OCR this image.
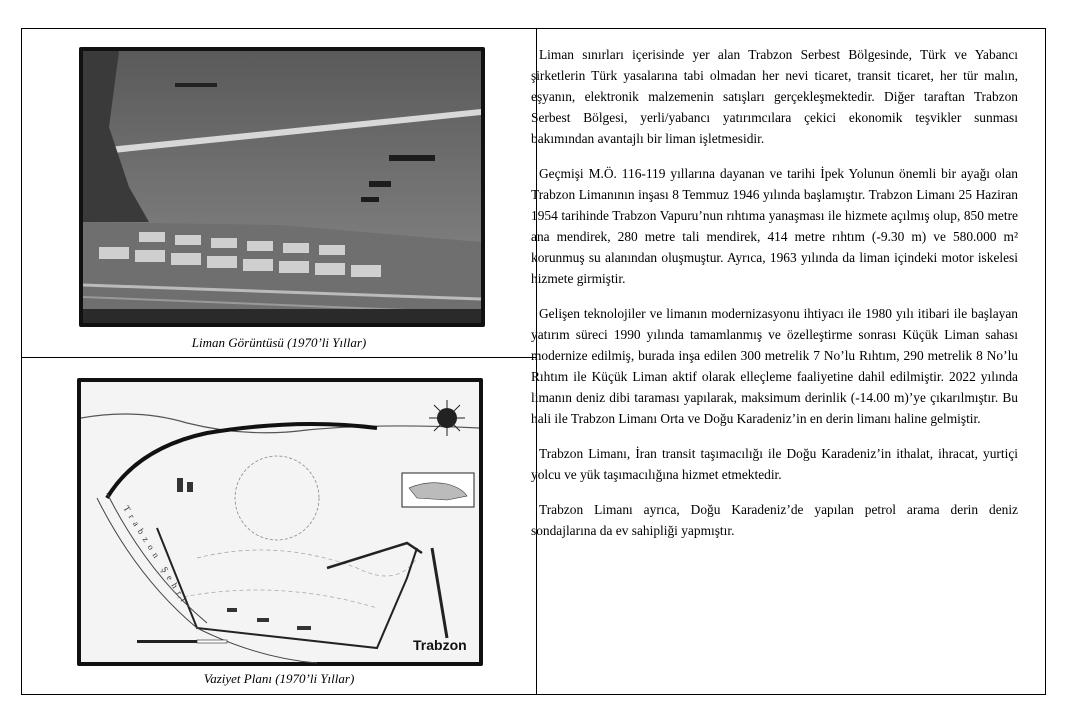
Liman Görüntüsü (1970’li Yıllar)
Trabzon
Trabzon Şehri
Vaziyet Planı (1970’li Yıllar)

Liman sınırları içerisinde yer alan Trabzon Serbest Bölgesinde, Türk ve Yabancı şirketlerin Türk yasalarına tabi olmadan her nevi ticaret, transit ticaret, her tür malın, eşyanın, elektronik malzemenin satışları gerçekleşmektedir. Diğer taraftan Trabzon Serbest Bölgesi, yerli/yabancı yatırımcılara çekici ekonomik teşvikler sunması bakımından avantajlı bir liman işletmesidir.

Geçmişi M.Ö. 116-119 yıllarına dayanan ve tarihi İpek Yolunun önemli bir ayağı olan Trabzon Limanının inşası 8 Temmuz 1946 yılında başlamıştır. Trabzon Limanı 25 Haziran 1954 tarihinde Trabzon Vapuru’nun rıhtıma yanaşması ile hizmete açılmış olup, 850 metre ana mendirek, 280 metre tali mendirek, 414 metre rıhtım (-9.30 m) ve 580.000 m² korunmuş su alanından oluşmuştur. Ayrıca, 1963 yılında da liman içindeki motor iskelesi hizmete girmiştir.

Gelişen teknolojiler ve limanın modernizasyonu ihtiyacı ile 1980 yılı itibari ile başlayan yatırım süreci 1990 yılında tamamlanmış ve özelleştirme sonrası Küçük Liman sahası modernize edilmiş, burada inşa edilen 300 metrelik 7 No’lu Rıhtım, 290 metrelik 8 No’lu Rıhtım ile Küçük Liman aktif olarak elleçleme faaliyetine dahil edilmiştir. 2022 yılında limanın deniz dibi taraması yapılarak, maksimum derinlik (-14.00 m)’ye çıkarılmıştır. Bu hali ile Trabzon Limanı Orta ve Doğu Karadeniz’in en derin limanı haline gelmiştir.

Trabzon Limanı, İran transit taşımacılığı ile Doğu Karadeniz’in ithalat, ihracat, yurtiçi yolcu ve yük taşımacılığına hizmet etmektedir.

Trabzon Limanı ayrıca, Doğu Karadeniz’de yapılan petrol arama derin deniz sondajlarına da ev sahipliği yapmıştır.
